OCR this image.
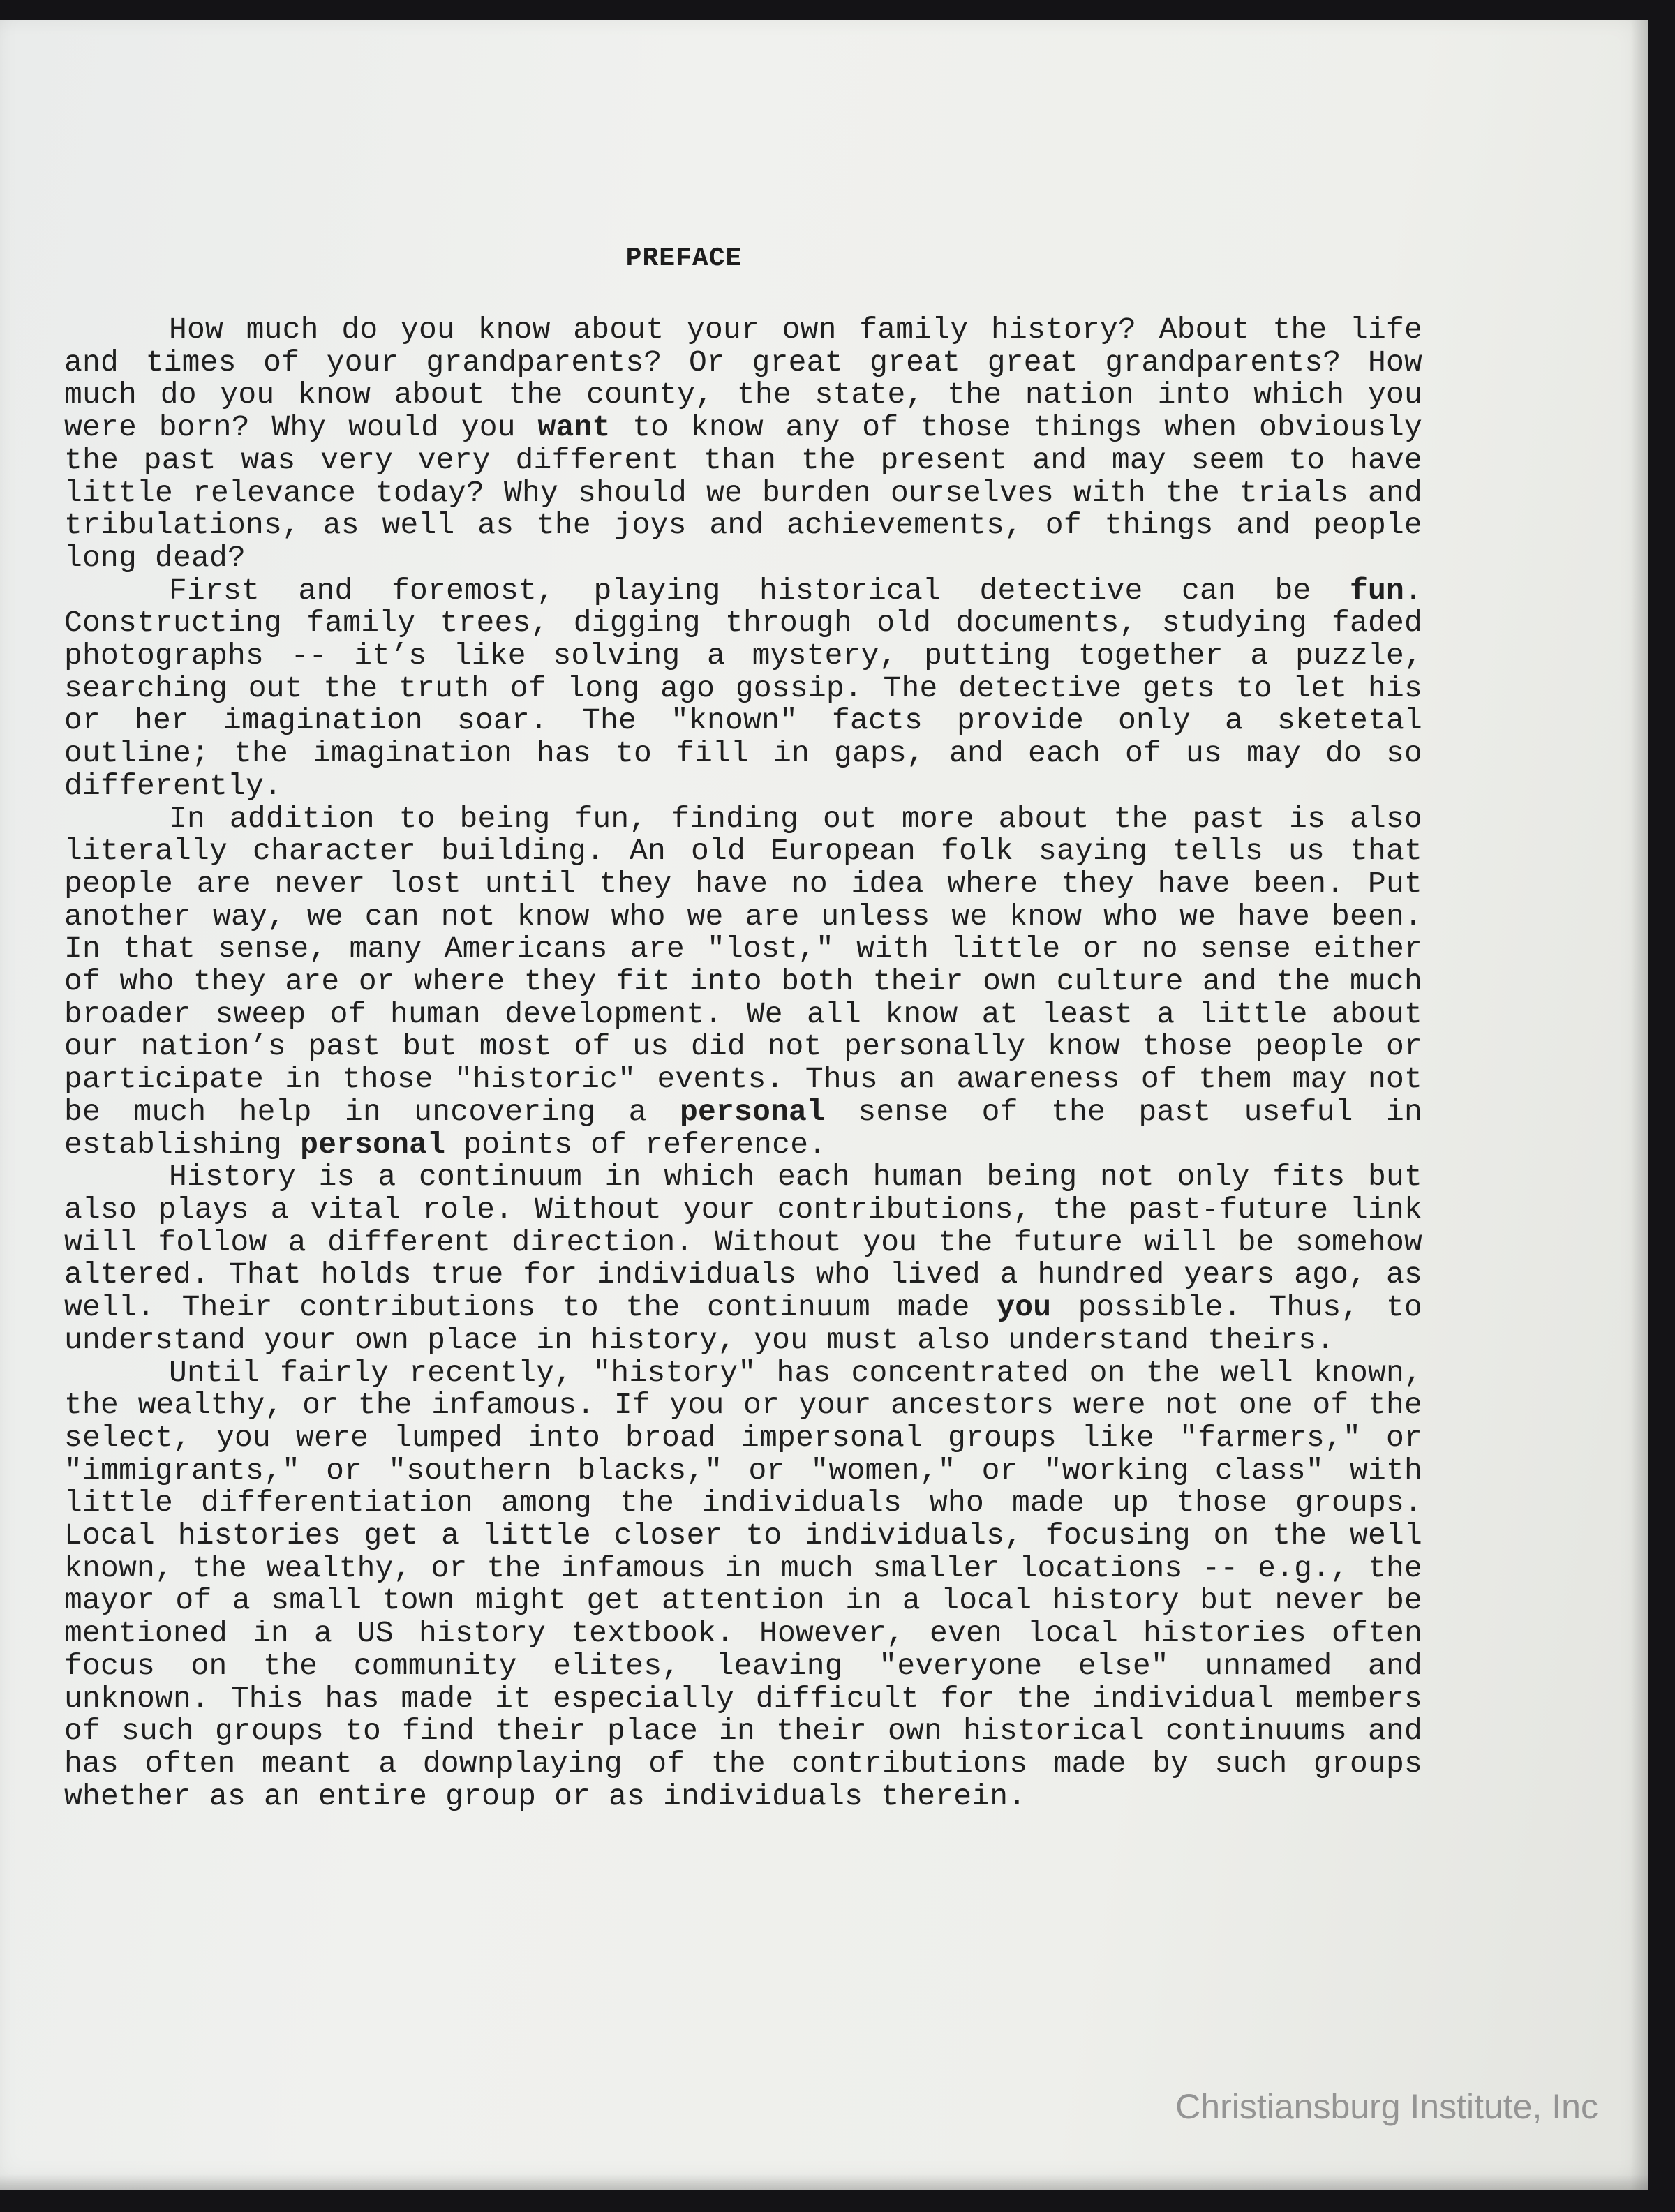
PREFACE

How much do you know about your own family history? About the life and times of your grandparents? Or great great great grandparents? How much do you know about the county, the state, the nation into which you were born? Why would you want to know any of those things when obviously the past was very very different than the present and may seem to have little relevance today? Why should we burden ourselves with the trials and tribulations, as well as the joys and achievements, of things and people long dead?

First and foremost, playing historical detective can be fun. Constructing family trees, digging through old documents, studying faded photographs -- it’s like solving a mystery, putting together a puzzle, searching out the truth of long ago gossip. The detective gets to let his or her imagination soar. The "known" facts provide only a sketetal outline; the imagination has to fill in gaps, and each of us may do so differently.

In addition to being fun, finding out more about the past is also literally character building. An old European folk saying tells us that people are never lost until they have no idea where they have been. Put another way, we can not know who we are unless we know who we have been. In that sense, many Americans are "lost," with little or no sense either of who they are or where they fit into both their own culture and the much broader sweep of human development. We all know at least a little about our nation’s past but most of us did not personally know those people or participate in those "historic" events. Thus an awareness of them may not be much help in uncovering a personal sense of the past useful in establishing personal points of reference.

History is a continuum in which each human being not only fits but also plays a vital role. Without your contributions, the past-future link will follow a different direction. Without you the future will be somehow altered. That holds true for individuals who lived a hundred years ago, as well. Their contributions to the continuum made you possible. Thus, to understand your own place in history, you must also understand theirs.

Until fairly recently, "history" has concentrated on the well known, the wealthy, or the infamous. If you or your ancestors were not one of the select, you were lumped into broad impersonal groups like "farmers," or "immigrants," or "southern blacks," or "women," or "working class" with little differentiation among the individuals who made up those groups. Local histories get a little closer to individuals, focusing on the well known, the wealthy, or the infamous in much smaller locations -- e.g., the mayor of a small town might get attention in a local history but never be mentioned in a US history textbook. However, even local histories often focus on the community elites, leaving "everyone else" unnamed and unknown. This has made it especially difficult for the individual members of such groups to find their place in their own historical continuums and has often meant a downplaying of the contributions made by such groups whether as an entire group or as individuals therein.

Christiansburg Institute, Inc
